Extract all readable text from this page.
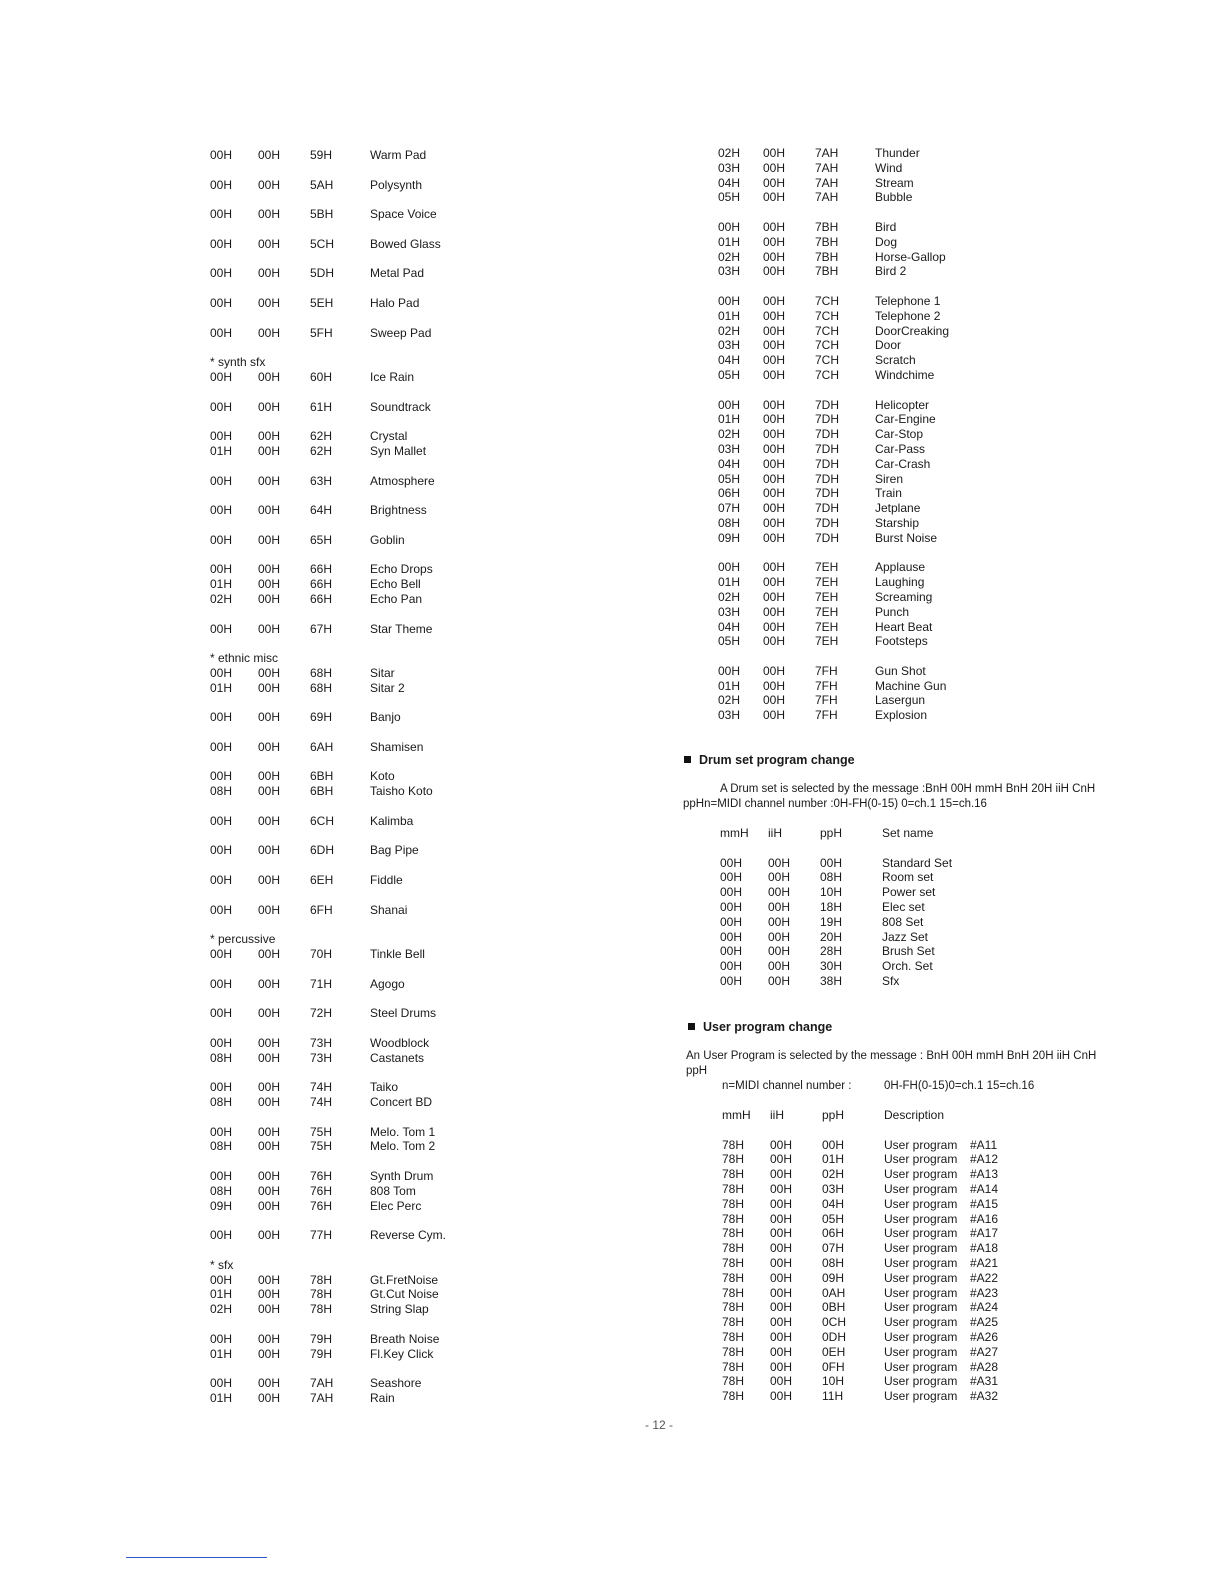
00H 00H 59H	Warm Pad
00H 00H 5AH	Polysynth
00H 00H 5BH	Space Voice
00H 00H 5CH	Bowed Glass
00H 00H 5DH	Metal Pad
00H 00H 5EH	Halo Pad
00H 00H 5FH	Sweep Pad
* synth sfx
00H 00H 60H	Ice Rain
00H 00H 61H	Soundtrack
00H 00H 62H	Crystal
01H 00H 62H	Syn Mallet
00H 00H 63H	Atmosphere
00H 00H 64H	Brightness
00H 00H 65H	Goblin
00H 00H 66H	Echo Drops
01H 00H 66H	Echo Bell
02H 00H 66H	Echo Pan
00H 00H 67H	Star Theme
* ethnic misc
00H 00H 68H	Sitar
01H 00H 68H	Sitar 2
00H 00H 69H	Banjo
00H 00H 6AH	Shamisen
00H 00H 6BH	Koto
08H 00H 6BH	Taisho Koto
00H 00H 6CH	Kalimba
00H 00H 6DH	Bag Pipe
00H 00H 6EH	Fiddle
00H 00H 6FH	Shanai
* percussive
00H 00H 70H	Tinkle Bell
00H 00H 71H	Agogo
00H 00H 72H	Steel Drums
00H 00H 73H	Woodblock
08H 00H 73H	Castanets
00H 00H 74H	Taiko
08H 00H 74H	Concert BD
00H 00H 75H	Melo. Tom 1
08H 00H 75H	Melo. Tom 2
00H 00H 76H	Synth Drum
08H 00H 76H	808 Tom
09H 00H 76H	Elec Perc
00H 00H 77H	Reverse Cym.
* sfx
00H 00H 78H	Gt.FretNoise
01H 00H 78H	Gt.Cut Noise
02H 00H 78H	String Slap
00H 00H 79H	Breath Noise
01H 00H 79H	Fl.Key Click
00H 00H 7AH	Seashore
01H 00H 7AH	Rain
02H 00H 7AH	Thunder
03H 00H 7AH	Wind
04H 00H 7AH	Stream
05H 00H 7AH	Bubble
00H 00H 7BH	Bird
01H 00H 7BH	Dog
02H 00H 7BH	Horse-Gallop
03H 00H 7BH	Bird 2
00H 00H 7CH	Telephone 1
01H 00H 7CH	Telephone 2
02H 00H 7CH	DoorCreaking
03H 00H 7CH	Door
04H 00H 7CH	Scratch
05H 00H 7CH	Windchime
00H 00H 7DH	Helicopter
01H 00H 7DH	Car-Engine
02H 00H 7DH	Car-Stop
03H 00H 7DH	Car-Pass
04H 00H 7DH	Car-Crash
05H 00H 7DH	Siren
06H 00H 7DH	Train
07H 00H 7DH	Jetplane
08H 00H 7DH	Starship
09H 00H 7DH	Burst Noise
00H 00H 7EH	Applause
01H 00H 7EH	Laughing
02H 00H 7EH	Screaming
03H 00H 7EH	Punch
04H 00H 7EH	Heart Beat
05H 00H 7EH	Footsteps
00H 00H 7FH	Gun Shot
01H 00H 7FH	Machine Gun
02H 00H 7FH	Lasergun
03H 00H 7FH	Explosion
Drum set program change
A Drum set is selected by the message :BnH 00H mmH BnH 20H iiH CnH
ppHn=MIDI channel number :0H-FH(0-15) 0=ch.1 15=ch.16
mmH iiH	ppH	Set name
00H 00H 00H	Standard Set
00H 00H 08H	Room set
00H 00H 10H	Power set
00H 00H 18H	Elec set
00H 00H 19H	808 Set
00H 00H 20H	Jazz Set
00H 00H 28H	Brush Set
00H 00H 30H	Orch. Set
00H 00H 38H	Sfx
User program change
An User Program is selected by the message : BnH 00H mmH BnH 20H iiH CnH
ppH
n=MIDI channel number :	0H-FH(0-15)0=ch.1 15=ch.16
mmH iiH	ppH	Description
78H 00H 00H	User program #A11
78H 00H 01H	User program #A12
78H 00H 02H	User program #A13
78H 00H 03H	User program #A14
78H 00H 04H	User program #A15
78H 00H 05H	User program #A16
78H 00H 06H	User program #A17
78H 00H 07H	User program #A18
78H 00H 08H	User program #A21
78H 00H 09H	User program #A22
78H 00H 0AH	User program #A23
78H 00H 0BH	User program #A24
78H 00H 0CH	User program #A25
78H 00H 0DH	User program #A26
78H 00H 0EH	User program #A27
78H 00H 0FH	User program #A28
78H 00H 10H	User program #A31
78H 00H 11H	User program #A32
- 12 -
